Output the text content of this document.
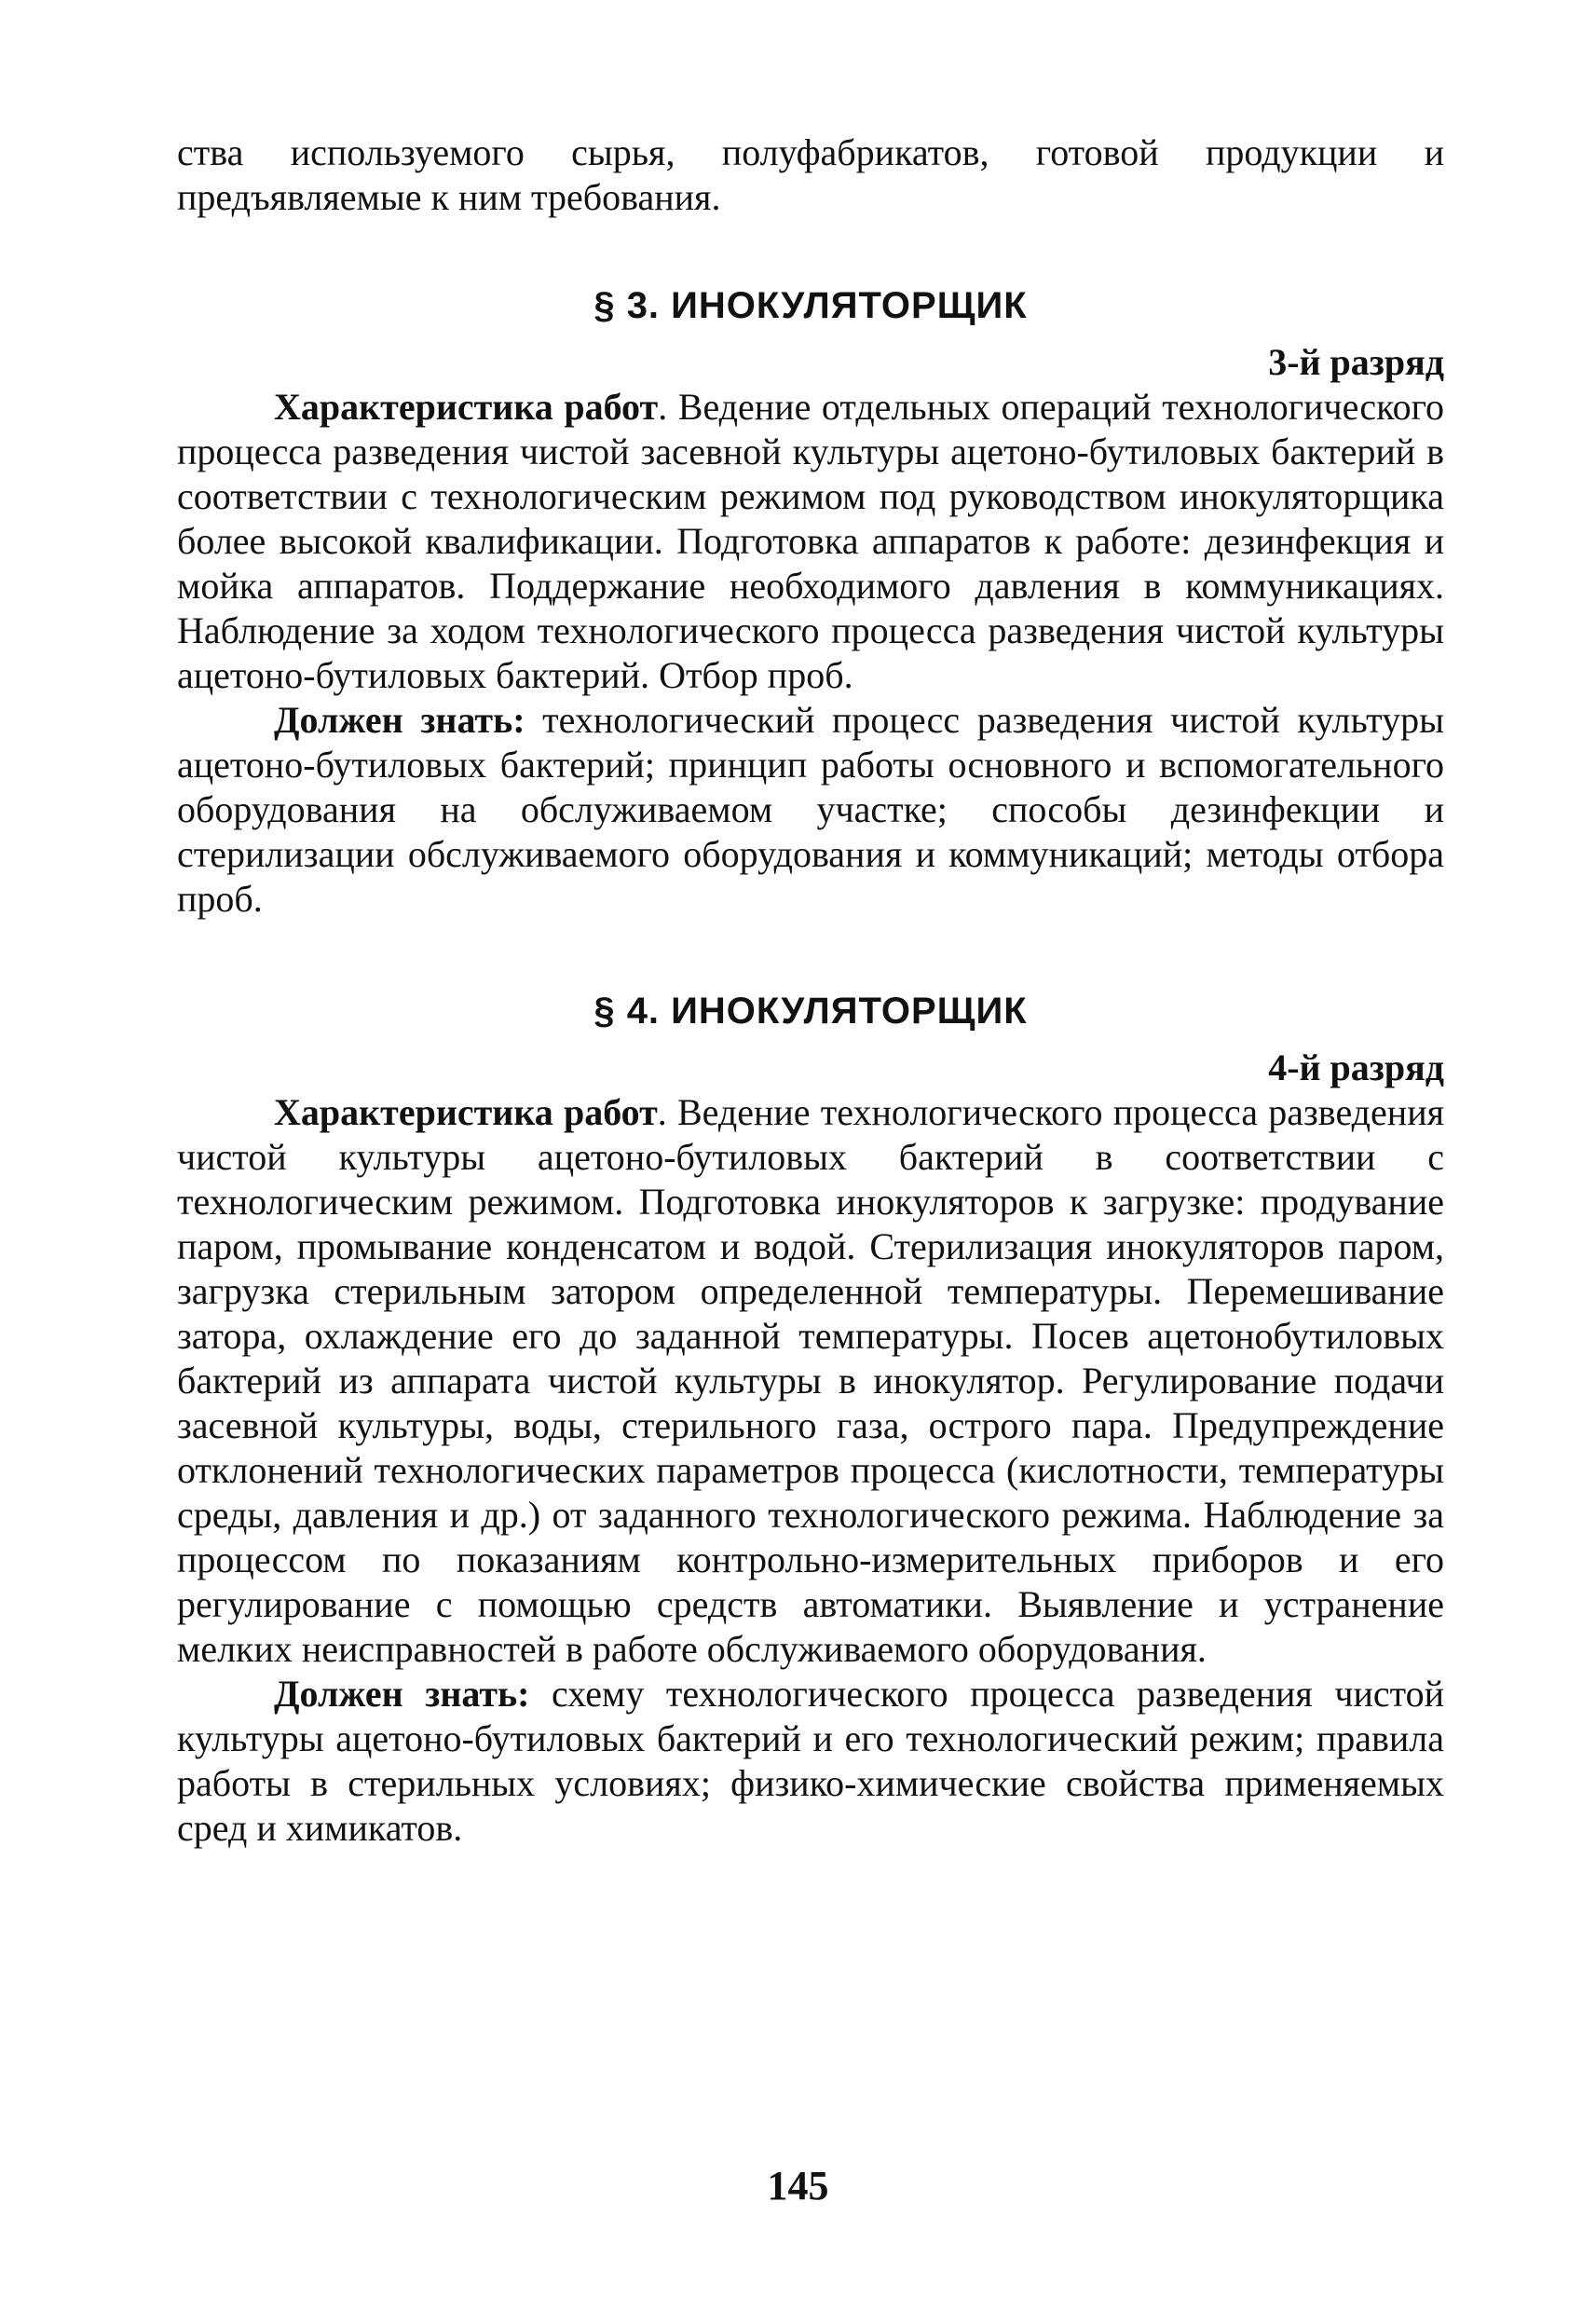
ства используемого сырья, полуфабрикатов, готовой продукции и предъявляемые к ним требования.

§ 3. ИНОКУЛЯТОРЩИК
3-й разряд

Характеристика работ. Ведение отдельных операций технологического процесса разведения чистой засевной культуры ацетоно-бутиловых бактерий в соответствии с технологическим режимом под руководством инокуляторщика более высокой квалификации. Подготовка аппаратов к работе: дезинфекция и мойка аппаратов. Поддержание необходимого давления в коммуникациях. Наблюдение за ходом технологического процесса разведения чистой культуры ацетоно-бутиловых бактерий. Отбор проб.

Должен знать: технологический процесс разведения чистой культуры ацетоно-бутиловых бактерий; принцип работы основного и вспомогательного оборудования на обслуживаемом участке; способы дезинфекции и стерилизации обслуживаемого оборудования и коммуникаций; методы отбора проб.

§ 4. ИНОКУЛЯТОРЩИК
4-й разряд

Характеристика работ. Ведение технологического процесса разведения чистой культуры ацетоно-бутиловых бактерий в соответствии с технологическим режимом. Подготовка инокуляторов к загрузке: продувание паром, промывание конденсатом и водой. Стерилизация инокуляторов паром, загрузка стерильным затором определенной температуры. Перемешивание затора, охлаждение его до заданной температуры. Посев ацетонобутиловых бактерий из аппарата чистой культуры в инокулятор. Регулирование подачи засевной культуры, воды, стерильного газа, острого пара. Предупреждение отклонений технологических параметров процесса (кислотности, температуры среды, давления и др.) от заданного технологического режима. Наблюдение за процессом по показаниям контрольно-измерительных приборов и его регулирование с помощью средств автоматики. Выявление и устранение мелких неисправностей в работе обслуживаемого оборудования.

Должен знать: схему технологического процесса разведения чистой культуры ацетоно-бутиловых бактерий и его технологический режим; правила работы в стерильных условиях; физико-химические свойства применяемых сред и химикатов.

145
